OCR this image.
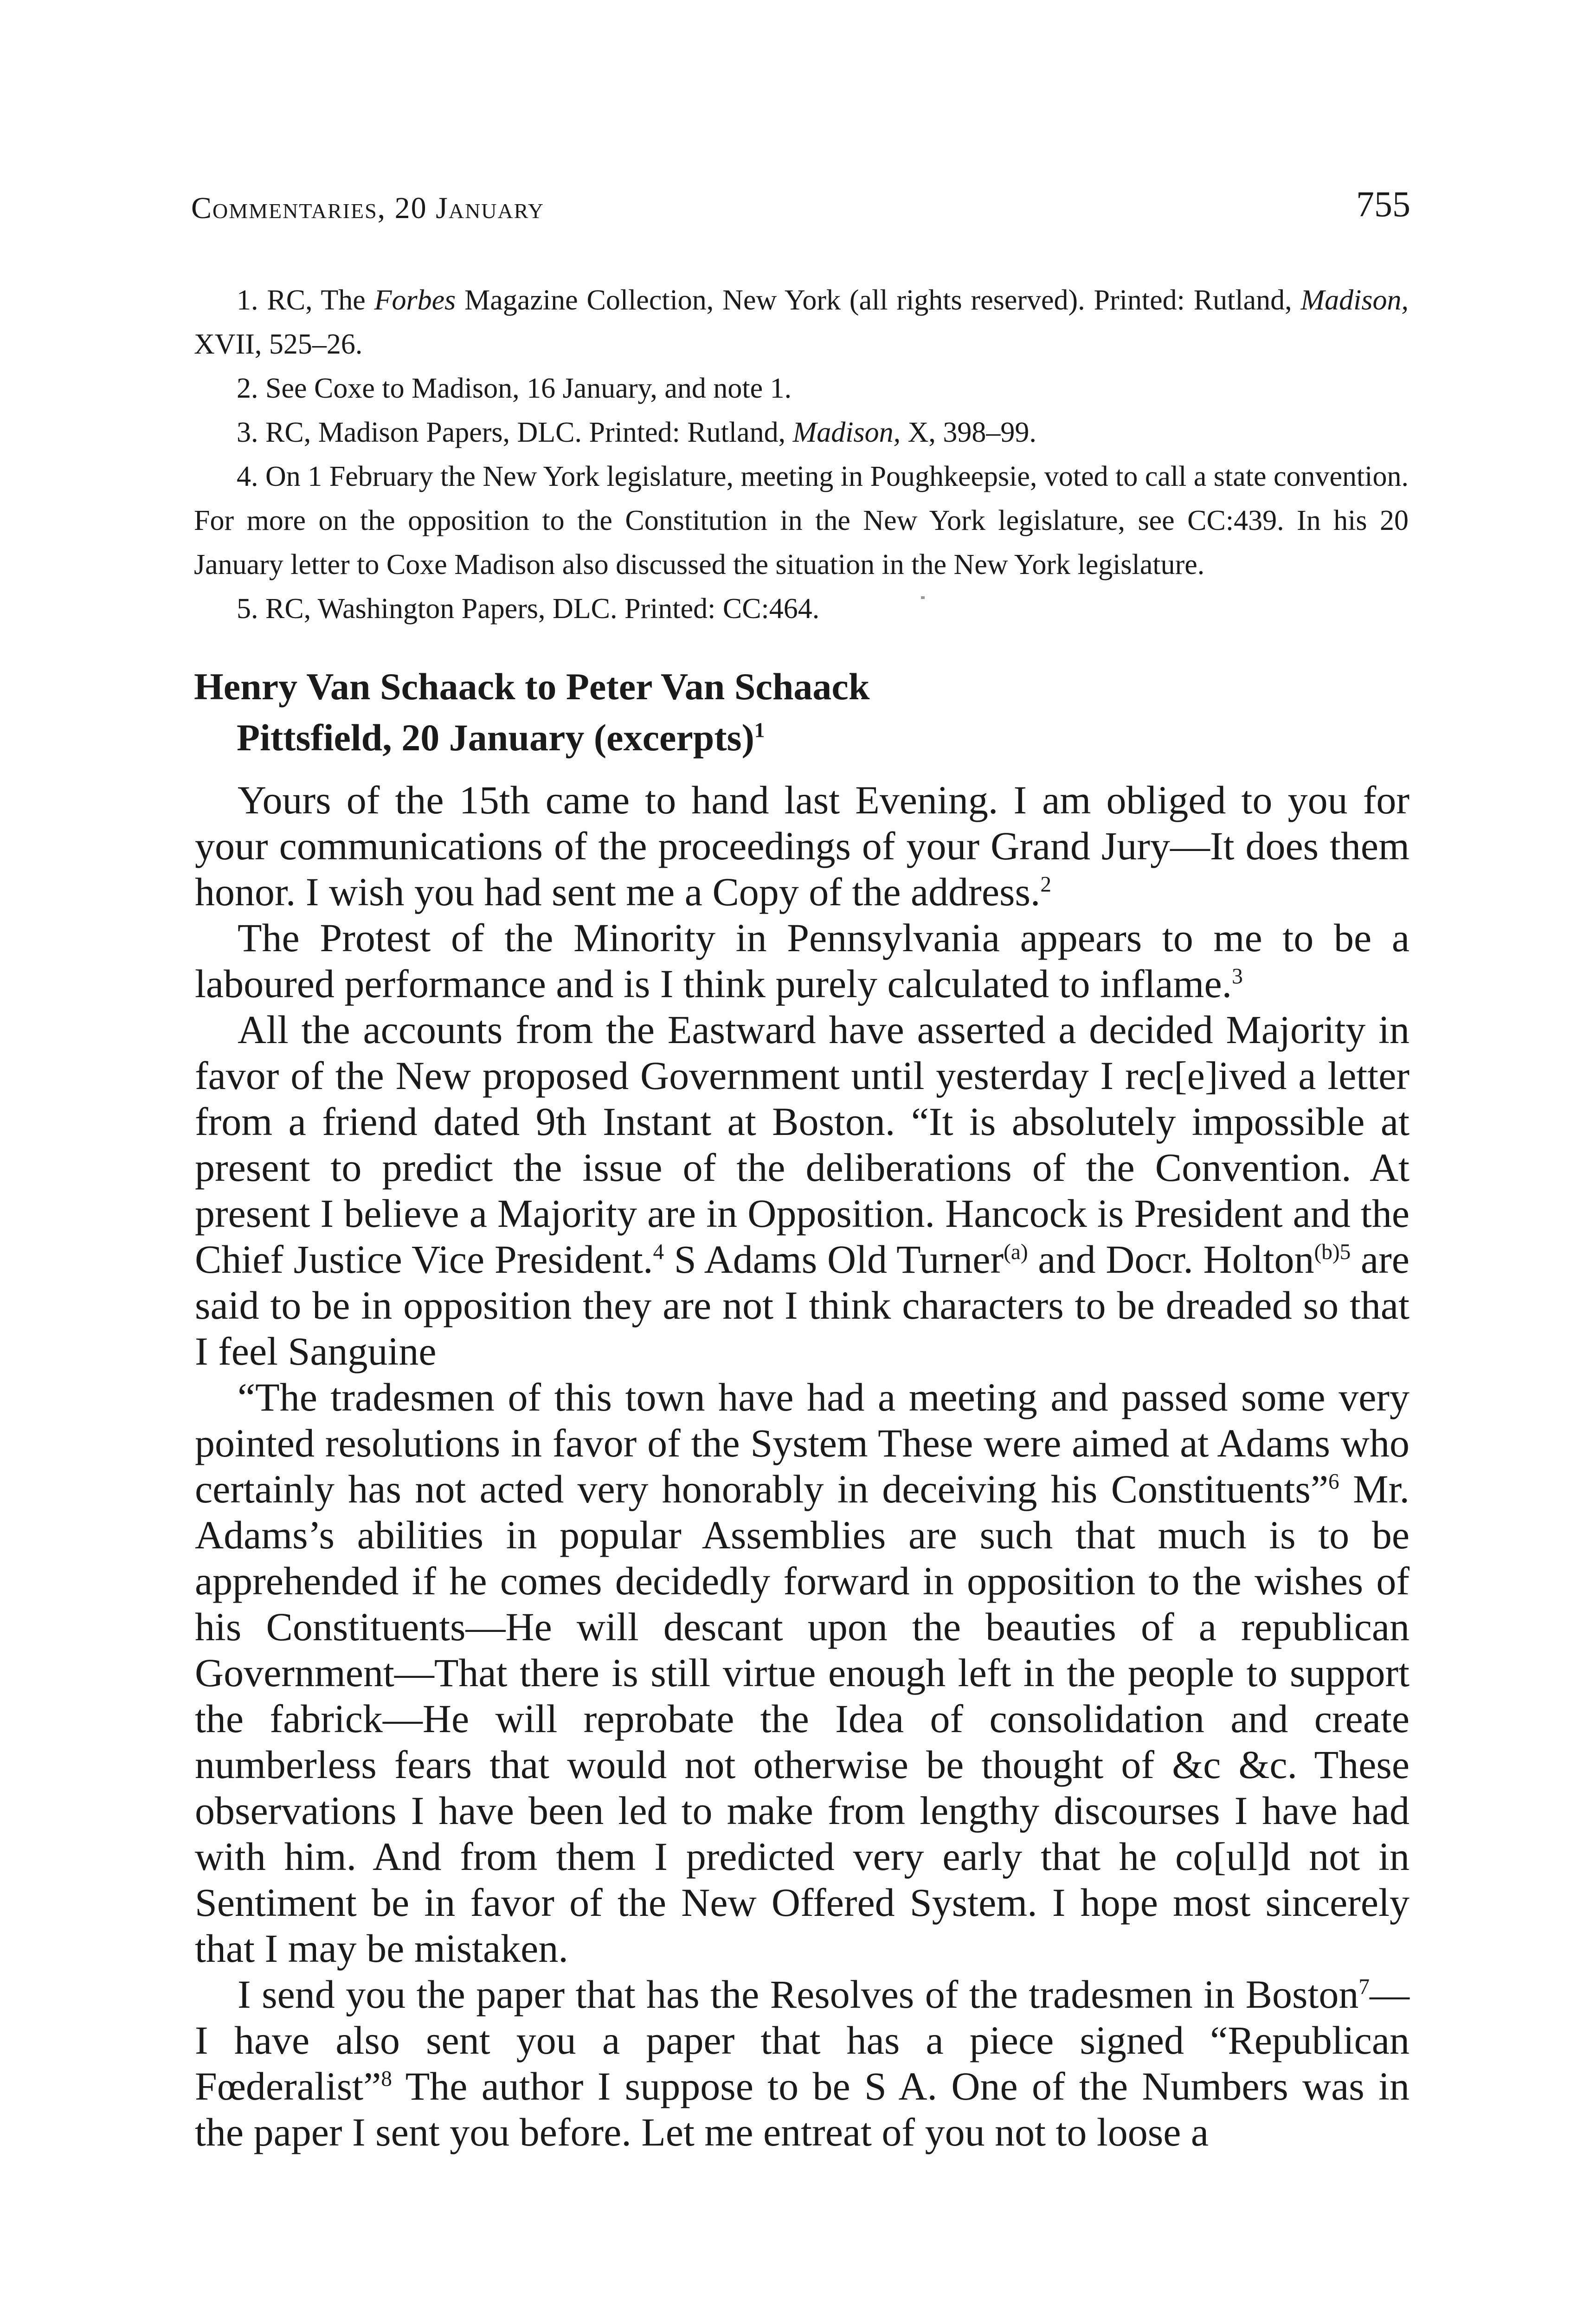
Commentaries, 20 January	755

1. RC, The Forbes Magazine Collection, New York (all rights reserved). Printed: Rutland, Madison, XVII, 525–26.

2. See Coxe to Madison, 16 January, and note 1.

3. RC, Madison Papers, DLC. Printed: Rutland, Madison, X, 398–99.

4. On 1 February the New York legislature, meeting in Poughkeepsie, voted to call a state convention. For more on the opposition to the Constitution in the New York legislature, see CC:439. In his 20 January letter to Coxe Madison also discussed the situation in the New York legislature.

5. RC, Washington Papers, DLC. Printed: CC:464.

Henry Van Schaack to Peter Van Schaack
Pittsfield, 20 January (excerpts)$^1$

Yours of the 15th came to hand last Evening. I am obliged to you for your communications of the proceedings of your Grand Jury—It does them honor. I wish you had sent me a Copy of the address.$^2$

The Protest of the Minority in Pennsylvania appears to me to be a laboured performance and is I think purely calculated to inflame.$^3$

All the accounts from the Eastward have asserted a decided Majority in favor of the New proposed Government until yesterday I rec[e]ived a letter from a friend dated 9th Instant at Boston. “It is absolutely impossible at present to predict the issue of the deliberations of the Convention. At present I believe a Majority are in Opposition. Hancock is President and the Chief Justice Vice President.$^4$ S Adams Old Turner$^{(a)}$ and Docr. Holton$^{(b)5}$ are said to be in opposition they are not I think characters to be dreaded so that I feel Sanguine

“The tradesmen of this town have had a meeting and passed some very pointed resolutions in favor of the System These were aimed at Adams who certainly has not acted very honorably in deceiving his Constituents”$^6$ Mr. Adams’s abilities in popular Assemblies are such that much is to be apprehended if he comes decidedly forward in opposition to the wishes of his Constituents—He will descant upon the beauties of a republican Government—That there is still virtue enough left in the people to support the fabrick—He will reprobate the Idea of consolidation and create numberless fears that would not otherwise be thought of &c &c. These observations I have been led to make from lengthy discourses I have had with him. And from them I predicted very early that he co[ul]d not in Sentiment be in favor of the New Offered System. I hope most sincerely that I may be mistaken.

I send you the paper that has the Resolves of the tradesmen in Boston$^7$—I have also sent you a paper that has a piece signed “Republican Fœderalist”$^8$ The author I suppose to be S A. One of the Numbers was in the paper I sent you before. Let me entreat of you not to loose a
